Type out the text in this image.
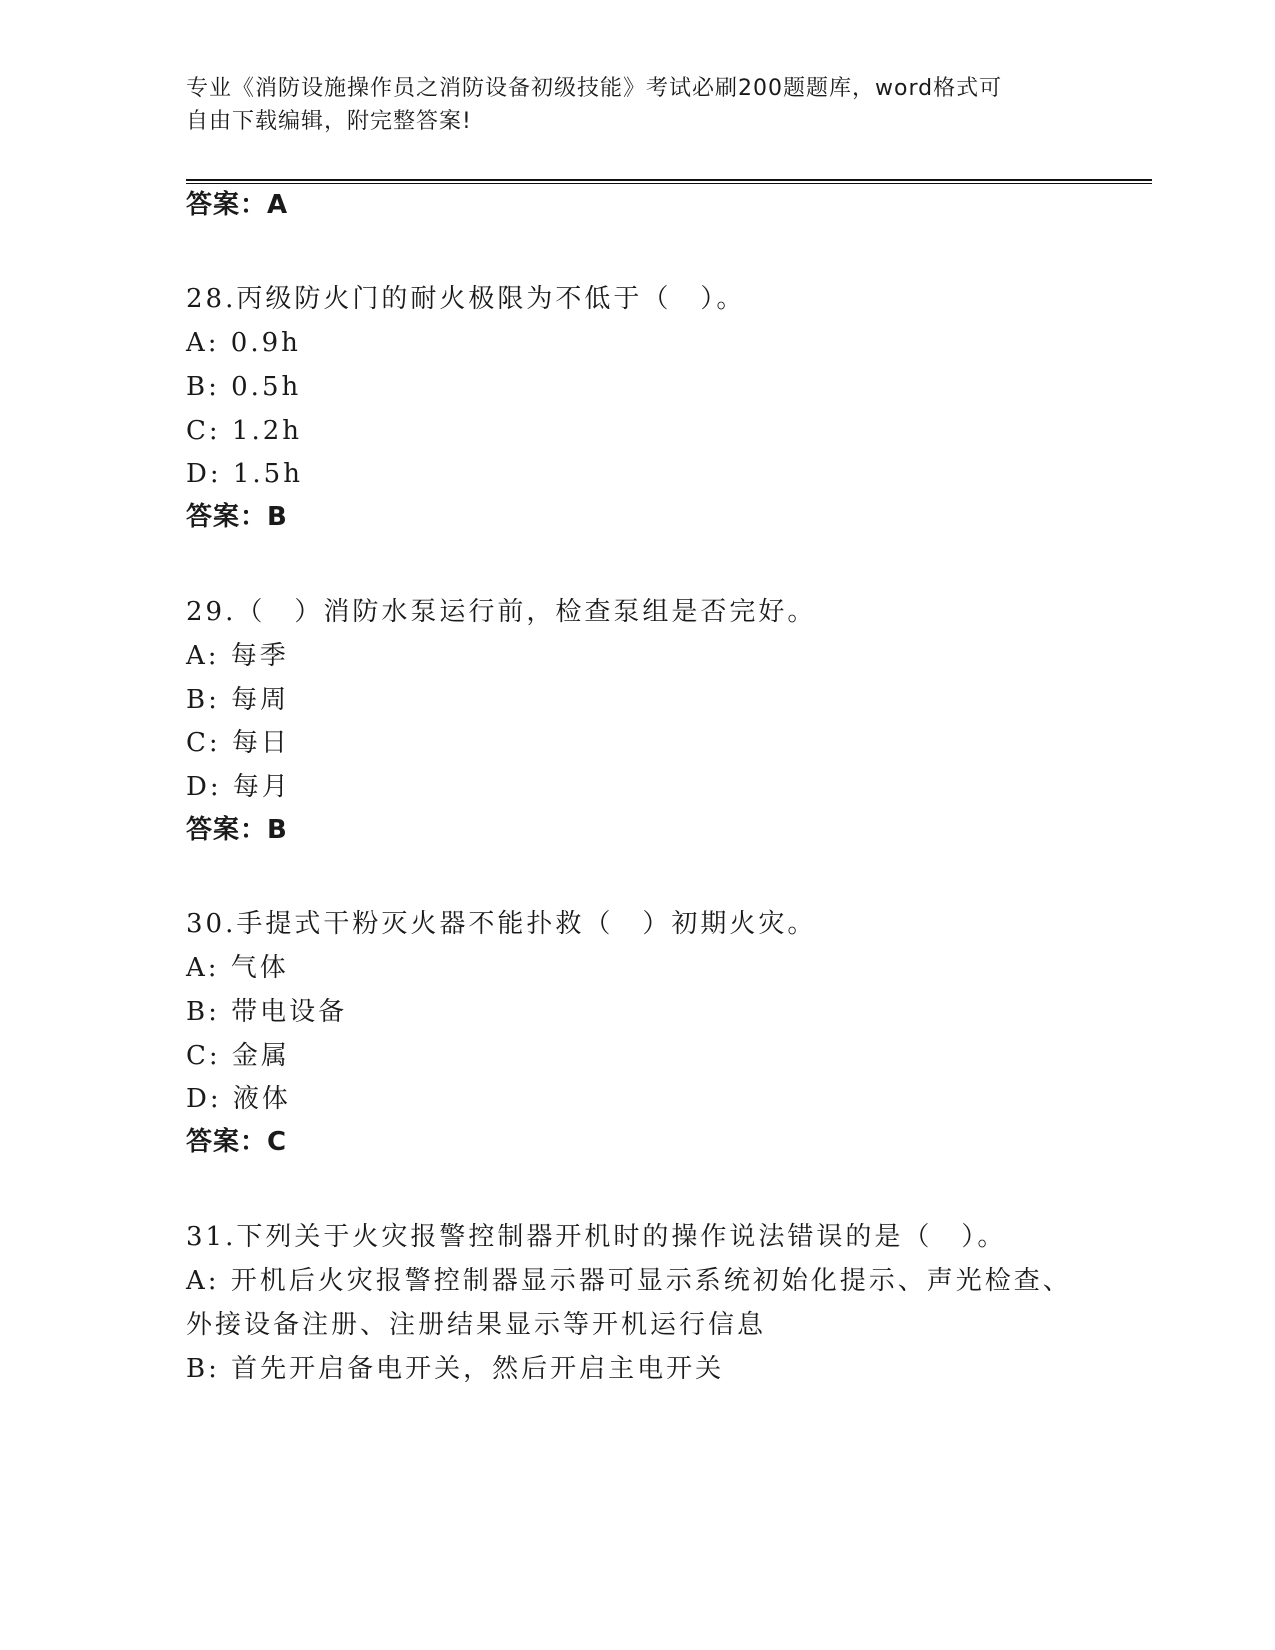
专业《消防设施操作员之消防设备初级技能》考试必刷200题题库，word格式可
自由下载编辑，附完整答案!
答案：A
28.丙级防火门的耐火极限为不低于（　）。
A: 0.9h
B: 0.5h
C: 1.2h
D: 1.5h
答案：B
29.（　）消防水泵运行前，检查泵组是否完好。
A: 每季
B: 每周
C: 每日
D: 每月
答案：B
30.手提式干粉灭火器不能扑救（　）初期火灾。
A: 气体
B: 带电设备
C: 金属
D: 液体
答案：C
31.下列关于火灾报警控制器开机时的操作说法错误的是（　）。
A: 开机后火灾报警控制器显示器可显示系统初始化提示、声光检查、
外接设备注册、注册结果显示等开机运行信息
B: 首先开启备电开关，然后开启主电开关
